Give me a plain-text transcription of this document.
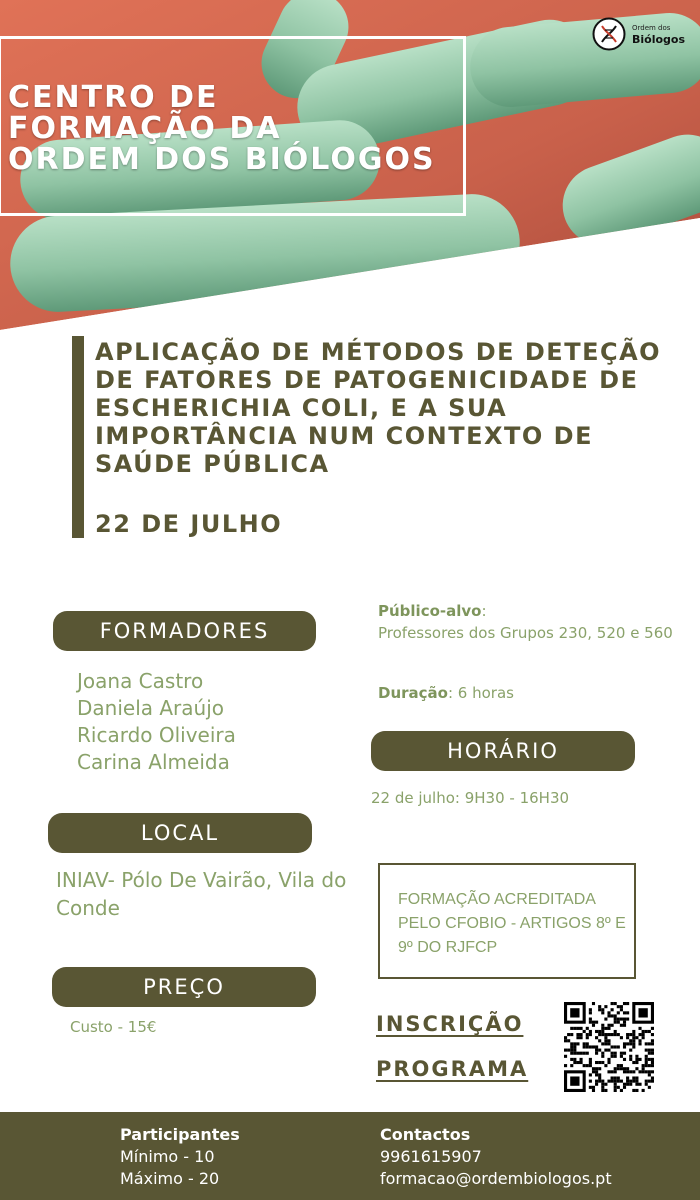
CENTRO DE
FORMAÇÃO DA
ORDEM DOS BIÓLOGOS
Ordem dos
Biólogos
APLICAÇÃO DE MÉTODOS DE DETEÇÃO DE FATORES DE PATOGENICIDADE DE ESCHERICHIA COLI, E A SUA IMPORTÂNCIA NUM CONTEXTO DE SAÚDE PÚBLICA
22 DE JULHO
FORMADORES
Joana Castro
Daniela Araújo
Ricardo Oliveira
Carina Almeida
Público-alvo:
Professores dos Grupos 230, 520 e 560
Duração: 6 horas
HORÁRIO
22 de julho: 9H30 - 16H30
LOCAL
INIAV- Pólo De Vairão, Vila do Conde	FORMAÇÃO ACREDITADA PELO CFOBIO - ARTIGOS 8º E 9º DO RJFCP
PREÇO
Custo - 15€	INSCRIÇÃO
PROGRAMA
Participantes
Mínimo - 10
Máximo - 20
Contactos
9961615907
formacao@ordembiologos.pt
